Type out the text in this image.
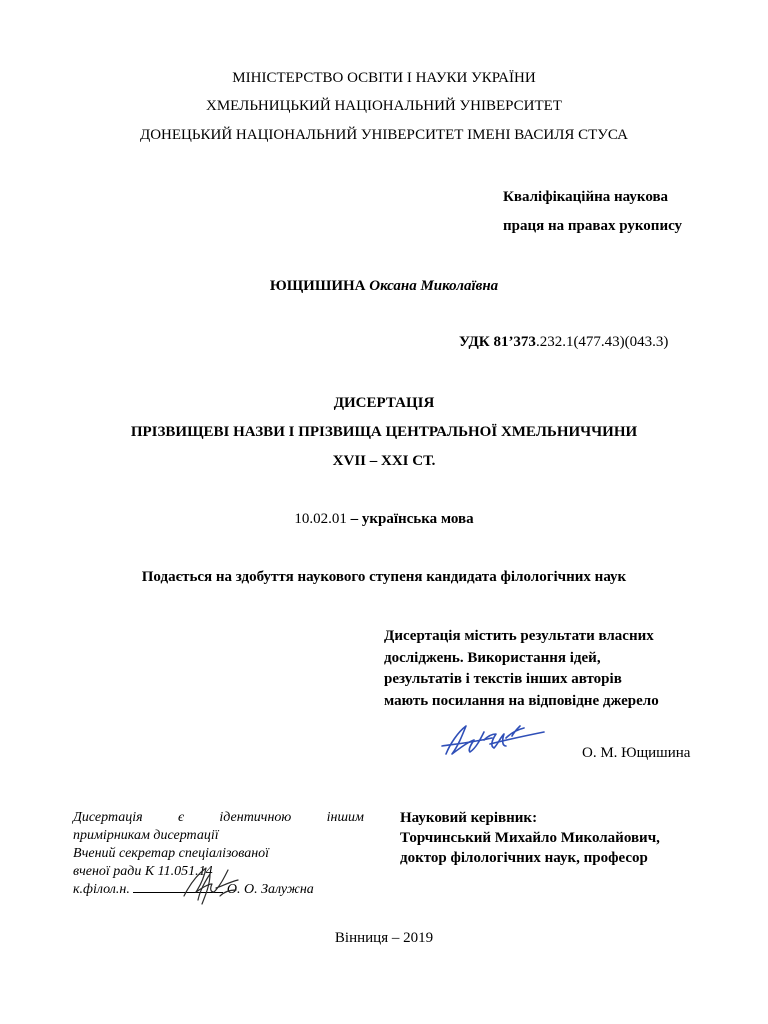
МІНІСТЕРСТВО ОСВІТИ І НАУКИ УКРАЇНИ
ХМЕЛЬНИЦЬКИЙ НАЦІОНАЛЬНИЙ УНІВЕРСИТЕТ
ДОНЕЦЬКИЙ НАЦІОНАЛЬНИЙ УНІВЕРСИТЕТ ІМЕНІ ВАСИЛЯ СТУСА
Кваліфікаційна наукова
праця на правах рукопису
ЮЩИШИНА Оксана Миколаївна
УДК 81’373.232.1(477.43)(043.3)
ДИСЕРТАЦІЯ
ПРІЗВИЩЕВІ НАЗВИ І ПРІЗВИЩА ЦЕНТРАЛЬНОЇ ХМЕЛЬНИЧЧИНИ
XVII – XXI СТ.
10.02.01 – українська мова
Подається на здобуття наукового ступеня кандидата філологічних наук
Дисертація містить результати власних
досліджень. Використання ідей,
результатів і текстів інших авторів
мають посилання на відповідне джерело
О. М. Ющишина
Дисертація	є	ідентичною	іншим
примірникам дисертації
Вчений секретар спеціалізованої
вченої ради К 11.051.14
к.філол.н.	О. О. Залужна
Науковий керівник:
Торчинський Михайло Миколайович,
доктор філологічних наук, професор
Вінниця – 2019
